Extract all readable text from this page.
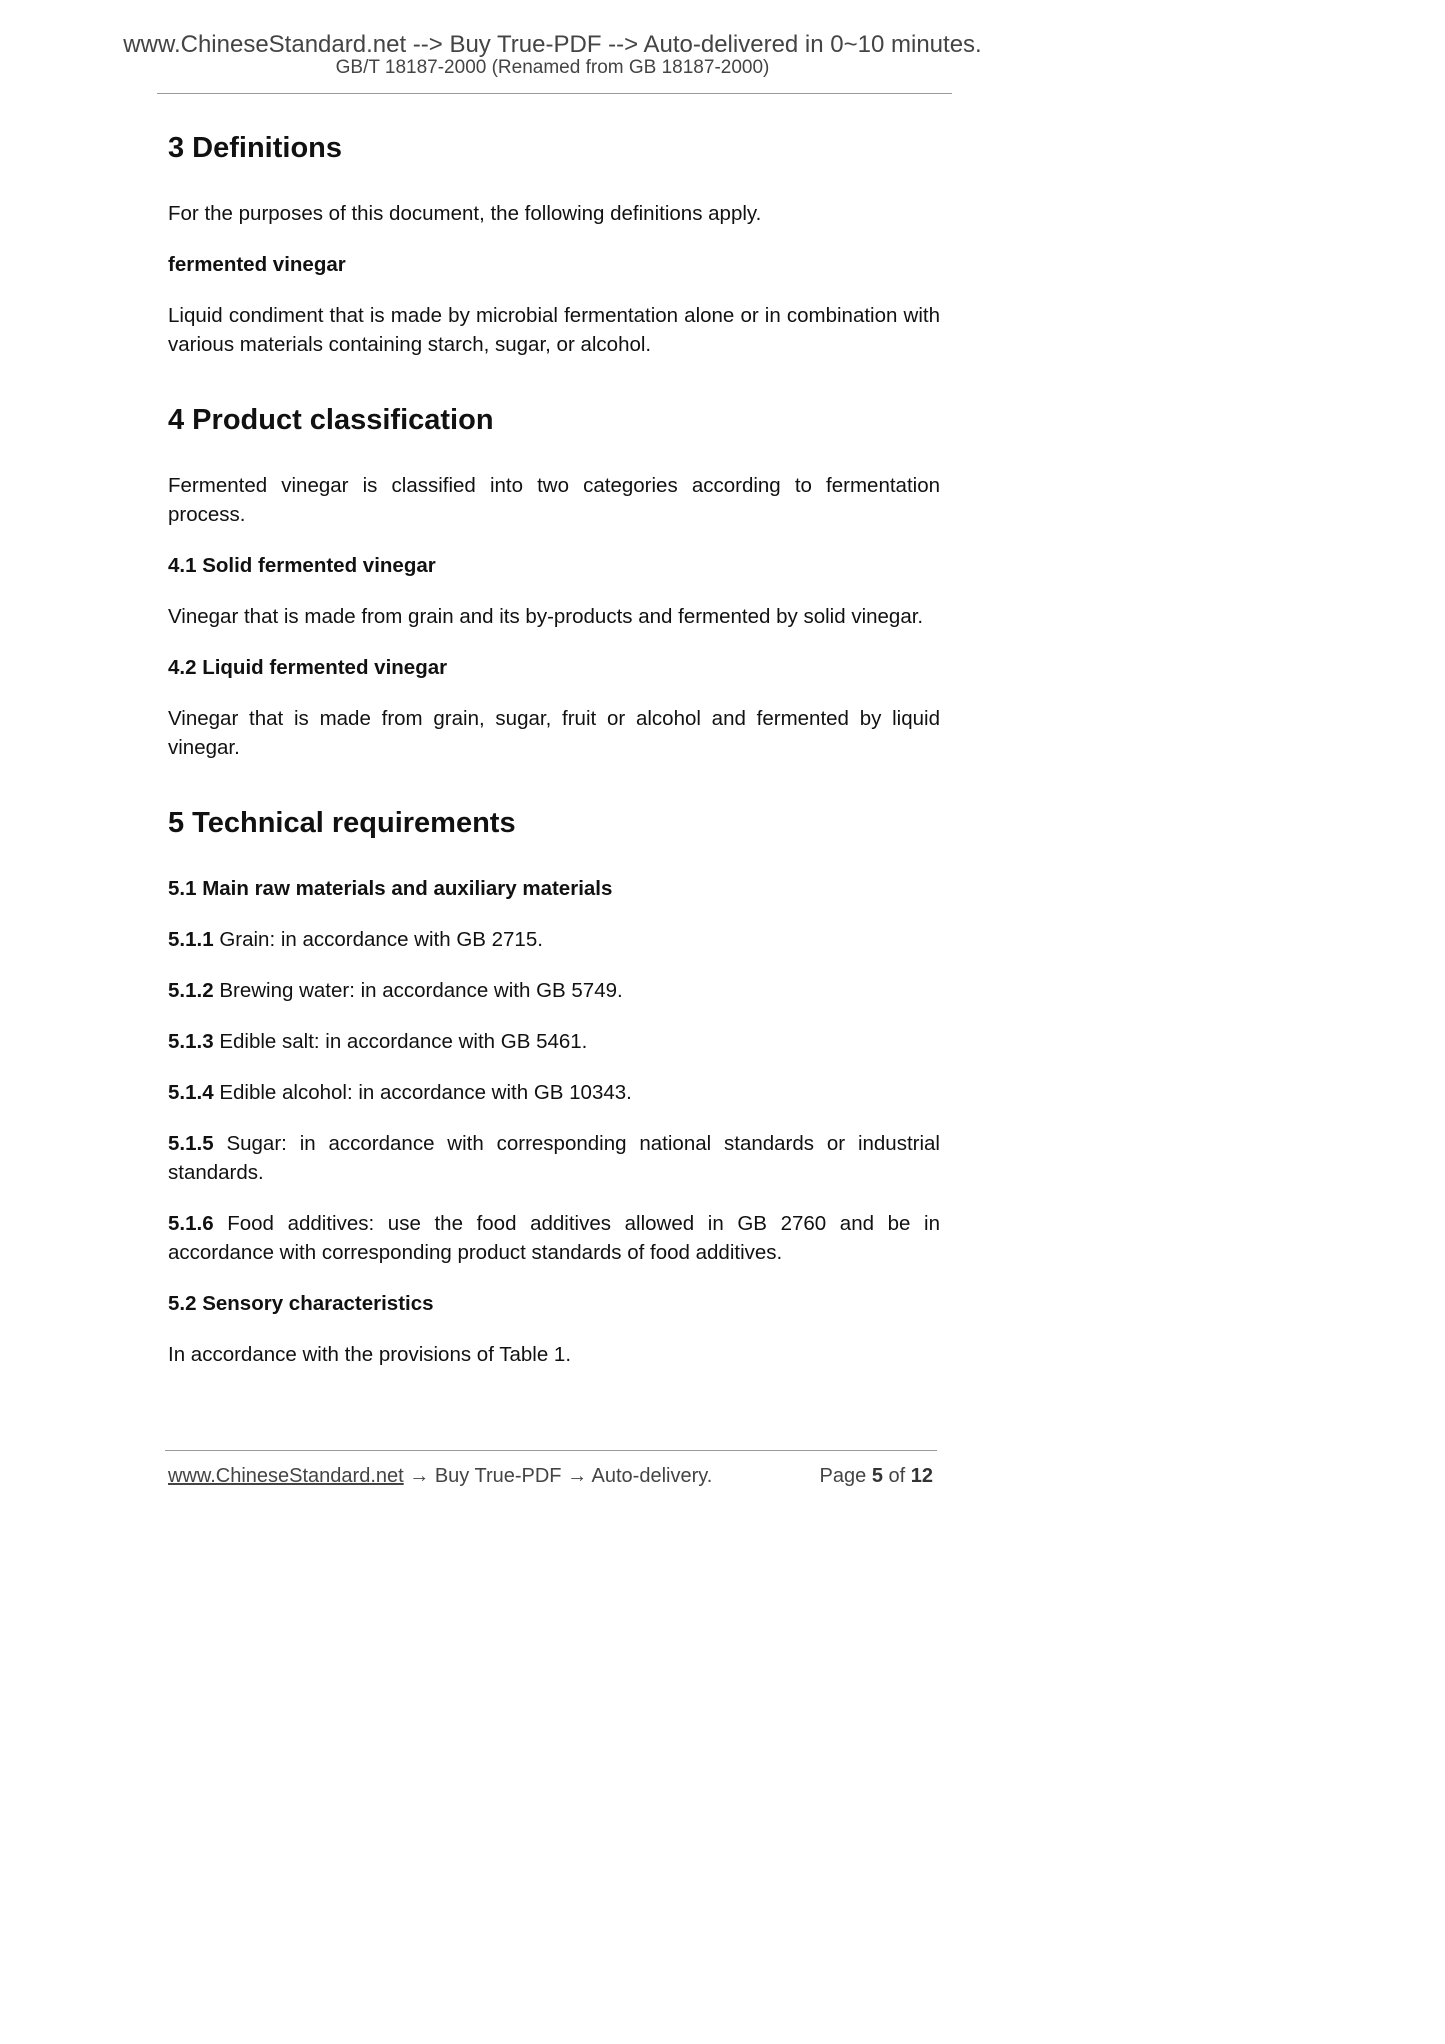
www.ChineseStandard.net --> Buy True-PDF --> Auto-delivered in 0~10 minutes.
GB/T 18187-2000 (Renamed from GB 18187-2000)
3 Definitions

For the purposes of this document, the following definitions apply.

fermented vinegar

Liquid condiment that is made by microbial fermentation alone or in combination with various materials containing starch, sugar, or alcohol.

4 Product classification

Fermented vinegar is classified into two categories according to fermentation process.

4.1 Solid fermented vinegar

Vinegar that is made from grain and its by-products and fermented by solid vinegar.

4.2 Liquid fermented vinegar

Vinegar that is made from grain, sugar, fruit or alcohol and fermented by liquid vinegar.

5 Technical requirements

5.1 Main raw materials and auxiliary materials

5.1.1 Grain: in accordance with GB 2715.

5.1.2 Brewing water: in accordance with GB 5749.

5.1.3 Edible salt: in accordance with GB 5461.

5.1.4 Edible alcohol: in accordance with GB 10343.

5.1.5 Sugar: in accordance with corresponding national standards or industrial standards.

5.1.6 Food additives: use the food additives allowed in GB 2760 and be in accordance with corresponding product standards of food additives.

5.2 Sensory characteristics

In accordance with the provisions of Table 1.

www.ChineseStandard.net → Buy True-PDF → Auto-delivery.	Page 5 of 12
